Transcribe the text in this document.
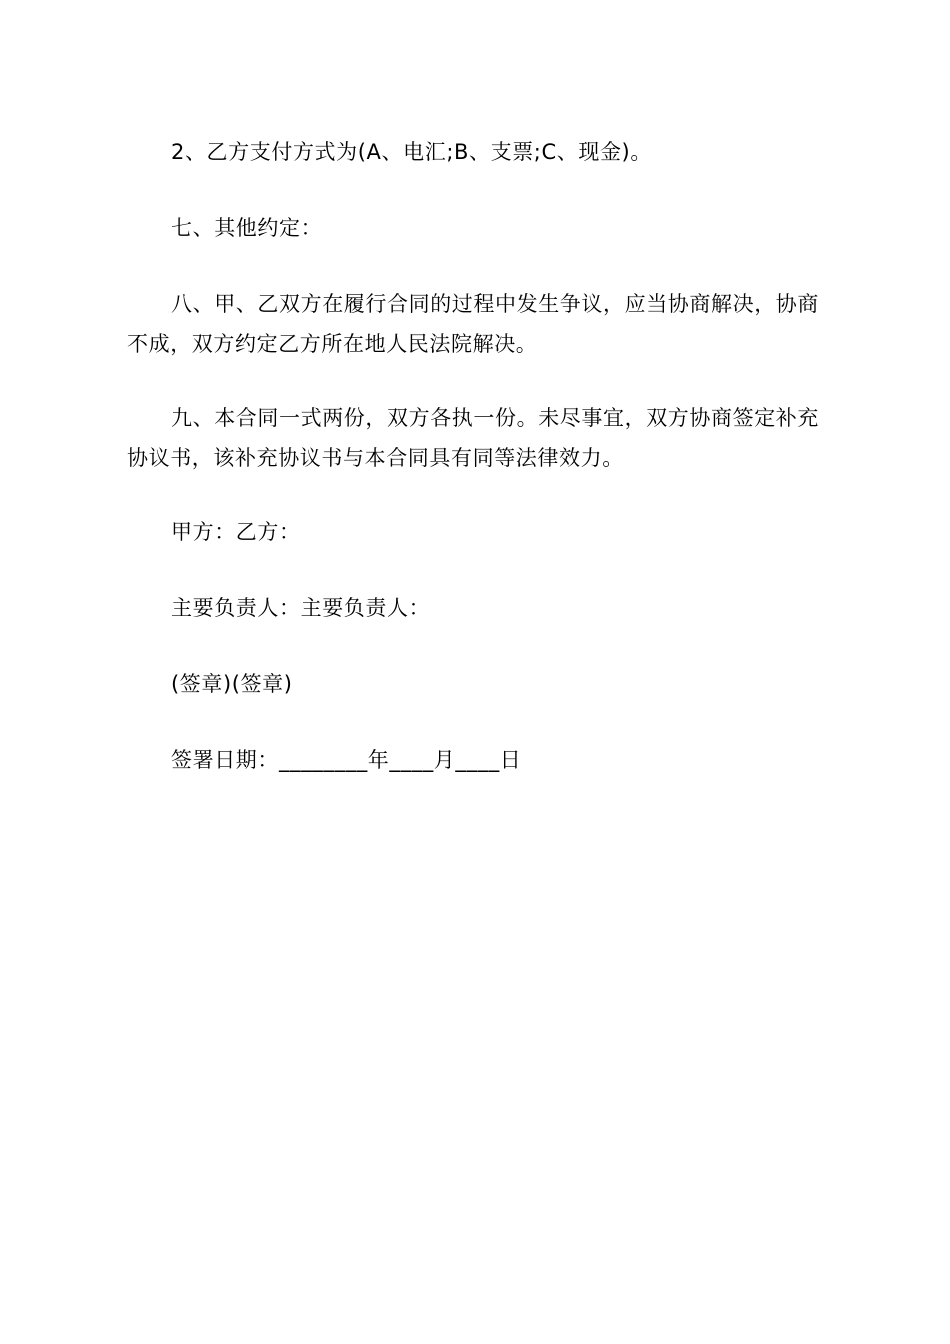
2、乙方支付方式为(A、电汇;B、支票;C、现金)。

七、其他约定：

八、甲、乙双方在履行合同的过程中发生争议，应当协商解决，协商不成，双方约定乙方所在地人民法院解决。

九、本合同一式两份，双方各执一份。未尽事宜，双方协商签定补充协议书，该补充协议书与本合同具有同等法律效力。

甲方：乙方：

主要负责人：主要负责人：

(签章)(签章)

签署日期：________年____月____日
